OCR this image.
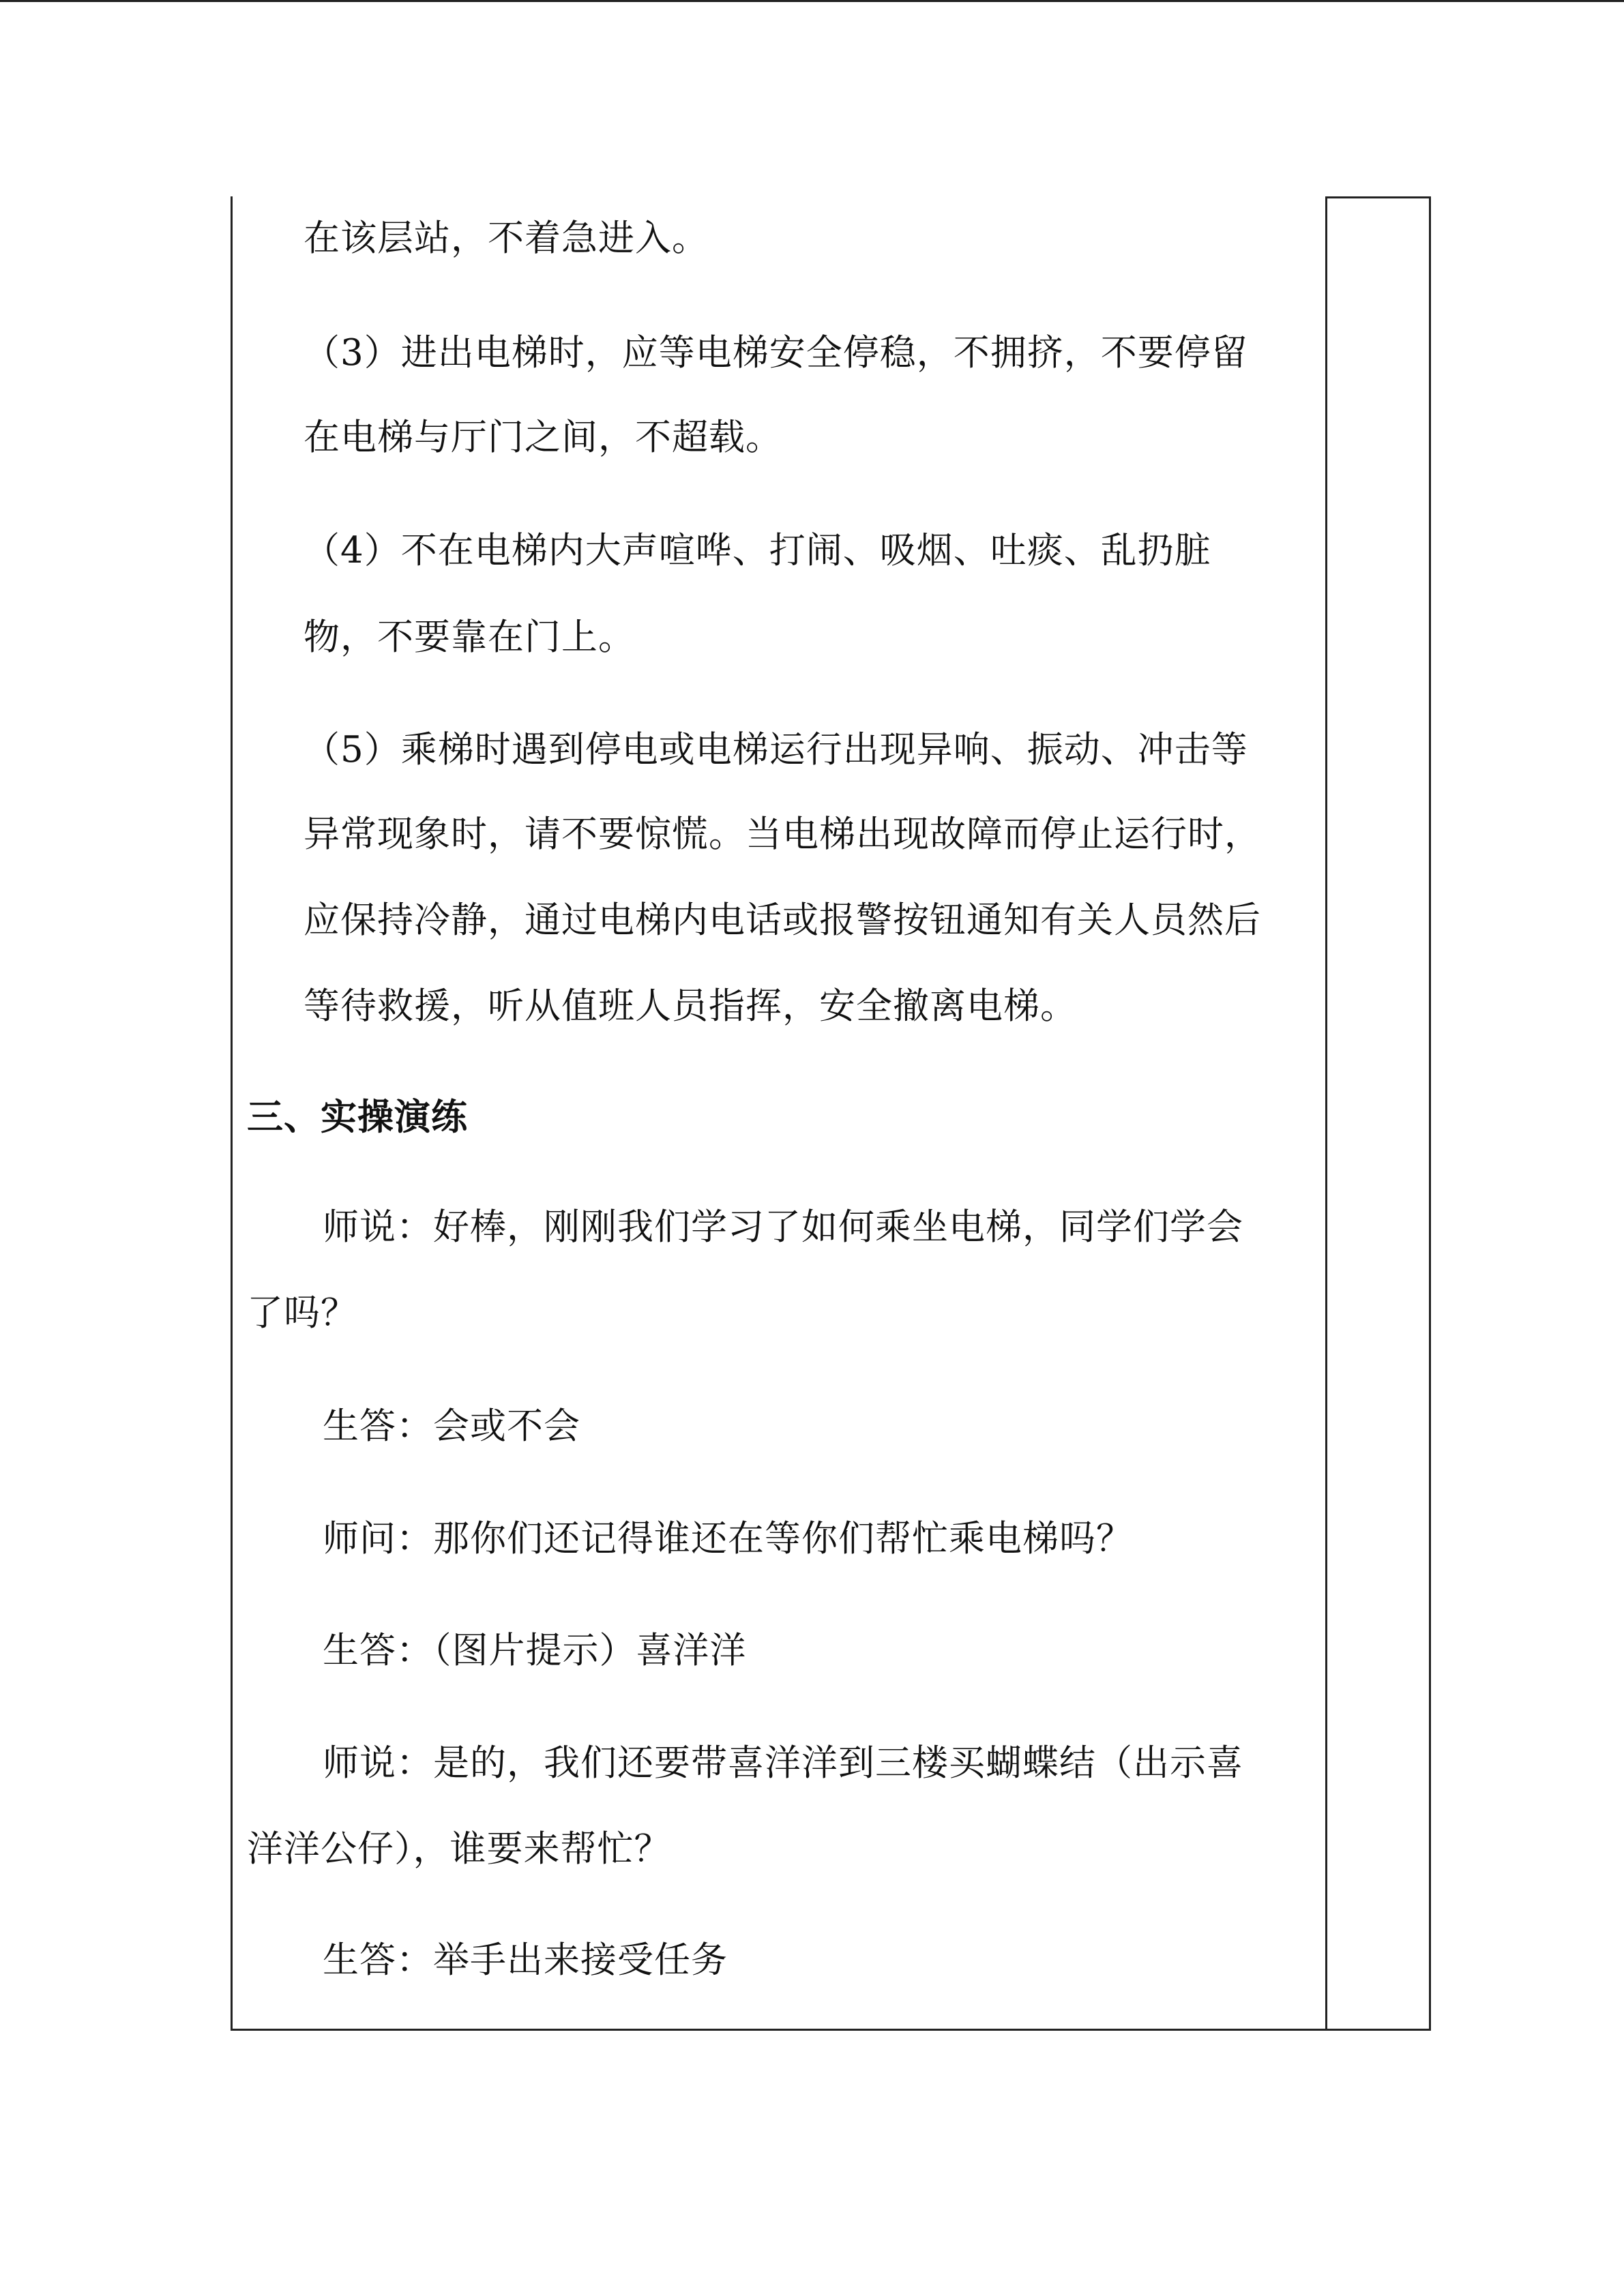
在该层站，不着急进入。
（3）进出电梯时，应等电梯安全停稳，不拥挤，不要停留
在电梯与厅门之间，不超载。
（4）不在电梯内大声喧哗、打闹、吸烟、吐痰、乱扔脏
物，不要靠在门上。
（5）乘梯时遇到停电或电梯运行出现异响、振动、冲击等
异常现象时，请不要惊慌。当电梯出现故障而停止运行时，
应保持冷静，通过电梯内电话或报警按钮通知有关人员然后
等待救援，听从值班人员指挥，安全撤离电梯。
三、实操演练
师说：好棒，刚刚我们学习了如何乘坐电梯，同学们学会
了吗？
生答：会或不会
师问：那你们还记得谁还在等你们帮忙乘电梯吗？
生答：（图片提示）喜洋洋
师说：是的，我们还要带喜洋洋到三楼买蝴蝶结（出示喜
洋洋公仔），谁要来帮忙？
生答：举手出来接受任务
